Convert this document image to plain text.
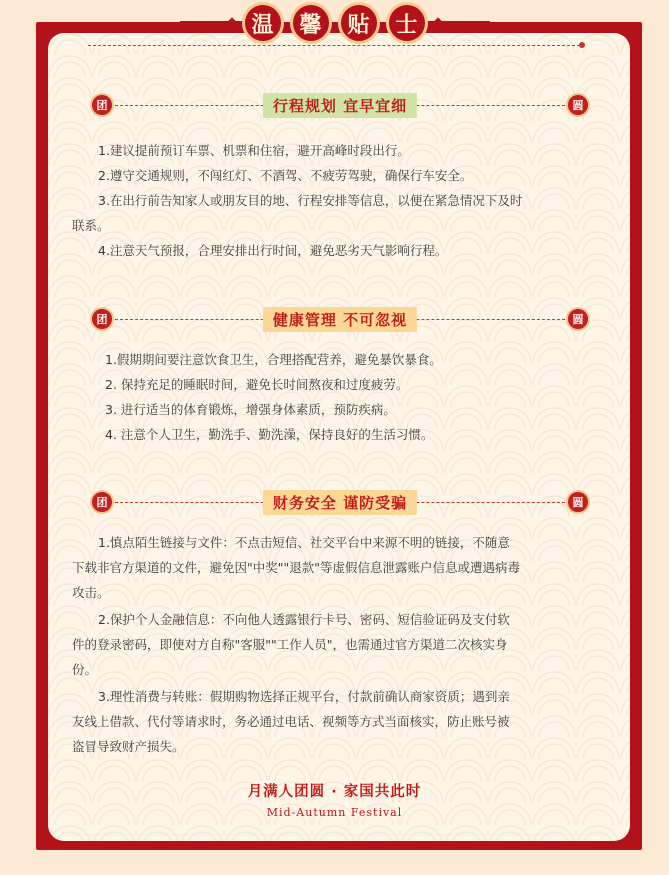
温	馨	贴	士
团	圆
行程规划 宜早宜细
1.建议提前预订车票、机票和住宿，避开高峰时段出行。
2.遵守交通规则，不闯红灯、不酒驾、不疲劳驾驶，确保行车安全。
3.在出行前告知家人或朋友目的地、行程安排等信息，以便在紧急情况下及时
联系。
4.注意天气预报，合理安排出行时间，避免恶劣天气影响行程。
团	圆
健康管理 不可忽视
1.假期期间要注意饮食卫生，合理搭配营养，避免暴饮暴食。
2. 保持充足的睡眠时间，避免长时间熬夜和过度疲劳。
3. 进行适当的体育锻炼，增强身体素质，预防疾病。
4. 注意个人卫生，勤洗手、勤洗澡，保持良好的生活习惯。
团	圆
财务安全 谨防受骗
1.慎点陌生链接与文件：不点击短信、社交平台中来源不明的链接，不随意
下载非官方渠道的文件，避免因"中奖""退款"等虚假信息泄露账户信息或遭遇病毒
攻击。
2.保护个人金融信息：不向他人透露银行卡号、密码、短信验证码及支付软
件的登录密码，即使对方自称"客服""工作人员"，也需通过官方渠道二次核实身
份。
3.理性消费与转账：假期购物选择正规平台，付款前确认商家资质；遇到亲
友线上借款、代付等请求时，务必通过电话、视频等方式当面核实，防止账号被
盗冒导致财产损失。
月满人团圆 · 家国共此时
Mid-Autumn Festival
